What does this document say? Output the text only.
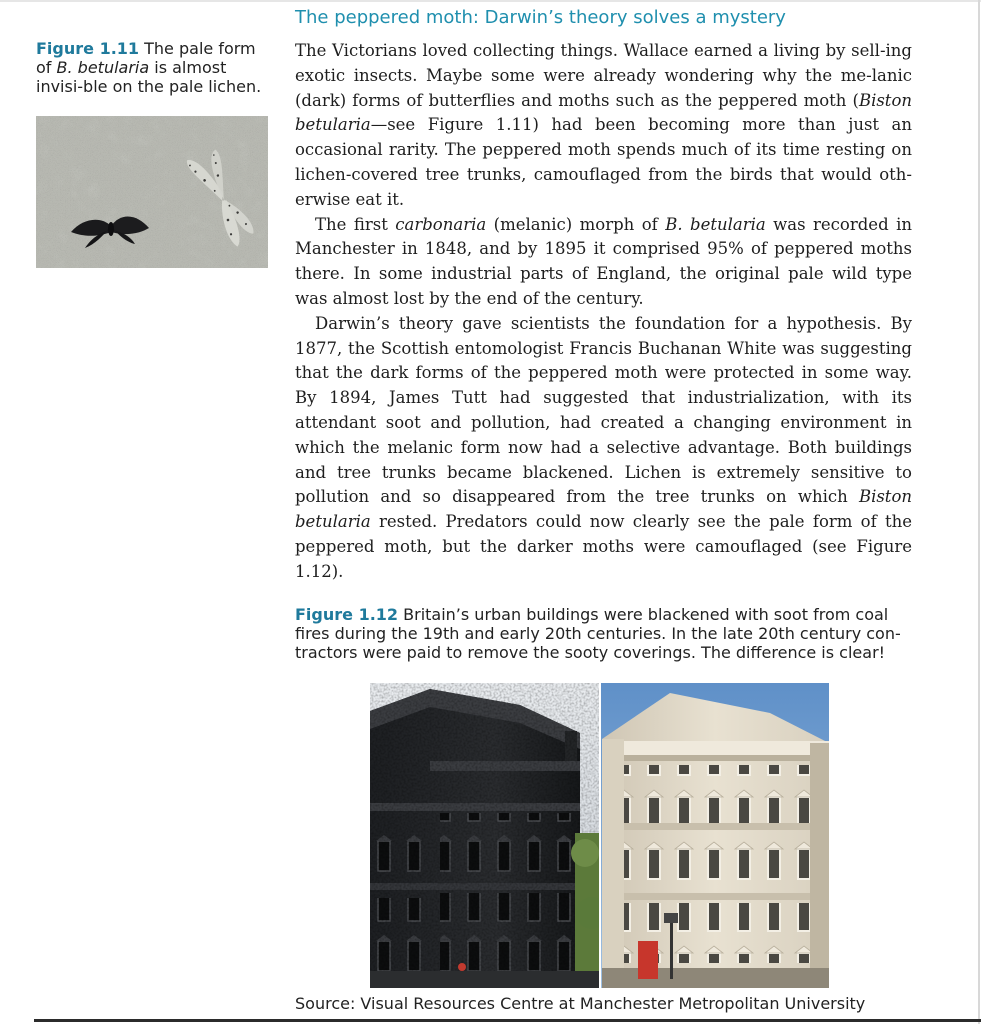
The peppered moth: Darwin’s theory solves a mystery
Figure 1.11 The pale form of B. betularia is almost invisi-ble on the pale lichen.

The Victorians loved collecting things. Wallace earned a living by sell-ing exotic insects. Maybe some were already wondering why the me-lanic (dark) forms of butterflies and moths such as the peppered moth (Biston betularia—see Figure 1.11) had been becoming more than just an occasional rarity. The peppered moth spends much of its time resting on lichen-covered tree trunks, camouflaged from the birds that would oth-erwise eat it.

The first carbonaria (melanic) morph of B. betularia was recorded in Manchester in 1848, and by 1895 it comprised 95% of peppered moths there. In some industrial parts of England, the original pale wild type was almost lost by the end of the century.

Darwin’s theory gave scientists the foundation for a hypothesis. By 1877, the Scottish entomologist Francis Buchanan White was suggesting that the dark forms of the peppered moth were protected in some way. By 1894, James Tutt had suggested that industrialization, with its attendant soot and pollution, had created a changing environment in which the melanic form now had a selective advantage. Both buildings and tree trunks became blackened. Lichen is extremely sensitive to pollution and so disappeared from the tree trunks on which Biston betularia rested. Predators could now clearly see the pale form of the peppered moth, but the darker moths were camouflaged (see Figure 1.12).

Figure 1.12 Britain’s urban buildings were blackened with soot from coal fires during the 19th and early 20th centuries. In the late 20th century con-tractors were paid to remove the sooty coverings. The difference is clear!
Source: Visual Resources Centre at Manchester Metropolitan University
